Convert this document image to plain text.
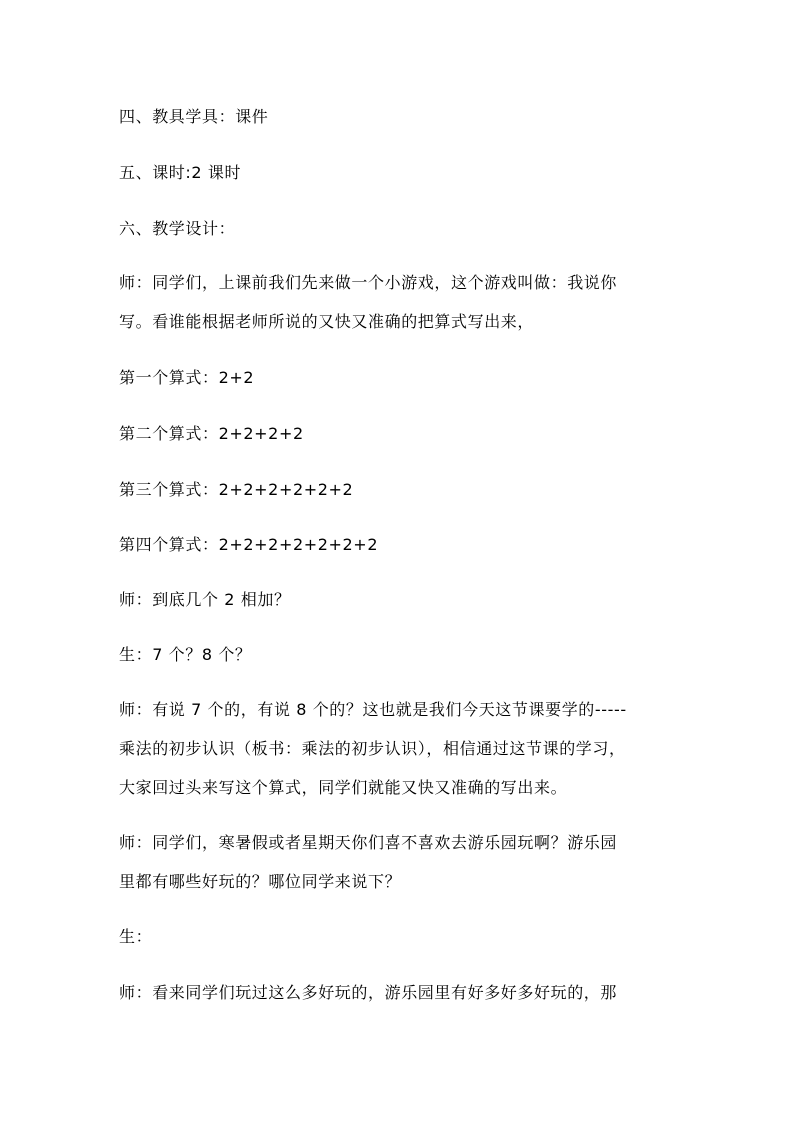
四、教具学具：课件
五、课时:2 课时
六、教学设计：
师：同学们，上课前我们先来做一个小游戏，这个游戏叫做：我说你
写。看谁能根据老师所说的又快又准确的把算式写出来，
第一个算式：2+2
第二个算式：2+2+2+2
第三个算式：2+2+2+2+2+2
第四个算式：2+2+2+2+2+2+2
师：到底几个 2 相加？
生：7 个？8 个？
师：有说 7 个的，有说 8 个的？这也就是我们今天这节课要学的-----
乘法的初步认识（板书：乘法的初步认识），相信通过这节课的学习，
大家回过头来写这个算式，同学们就能又快又准确的写出来。
师：同学们，寒暑假或者星期天你们喜不喜欢去游乐园玩啊？游乐园
里都有哪些好玩的？哪位同学来说下？
生：
师：看来同学们玩过这么多好玩的，游乐园里有好多好多好玩的，那
